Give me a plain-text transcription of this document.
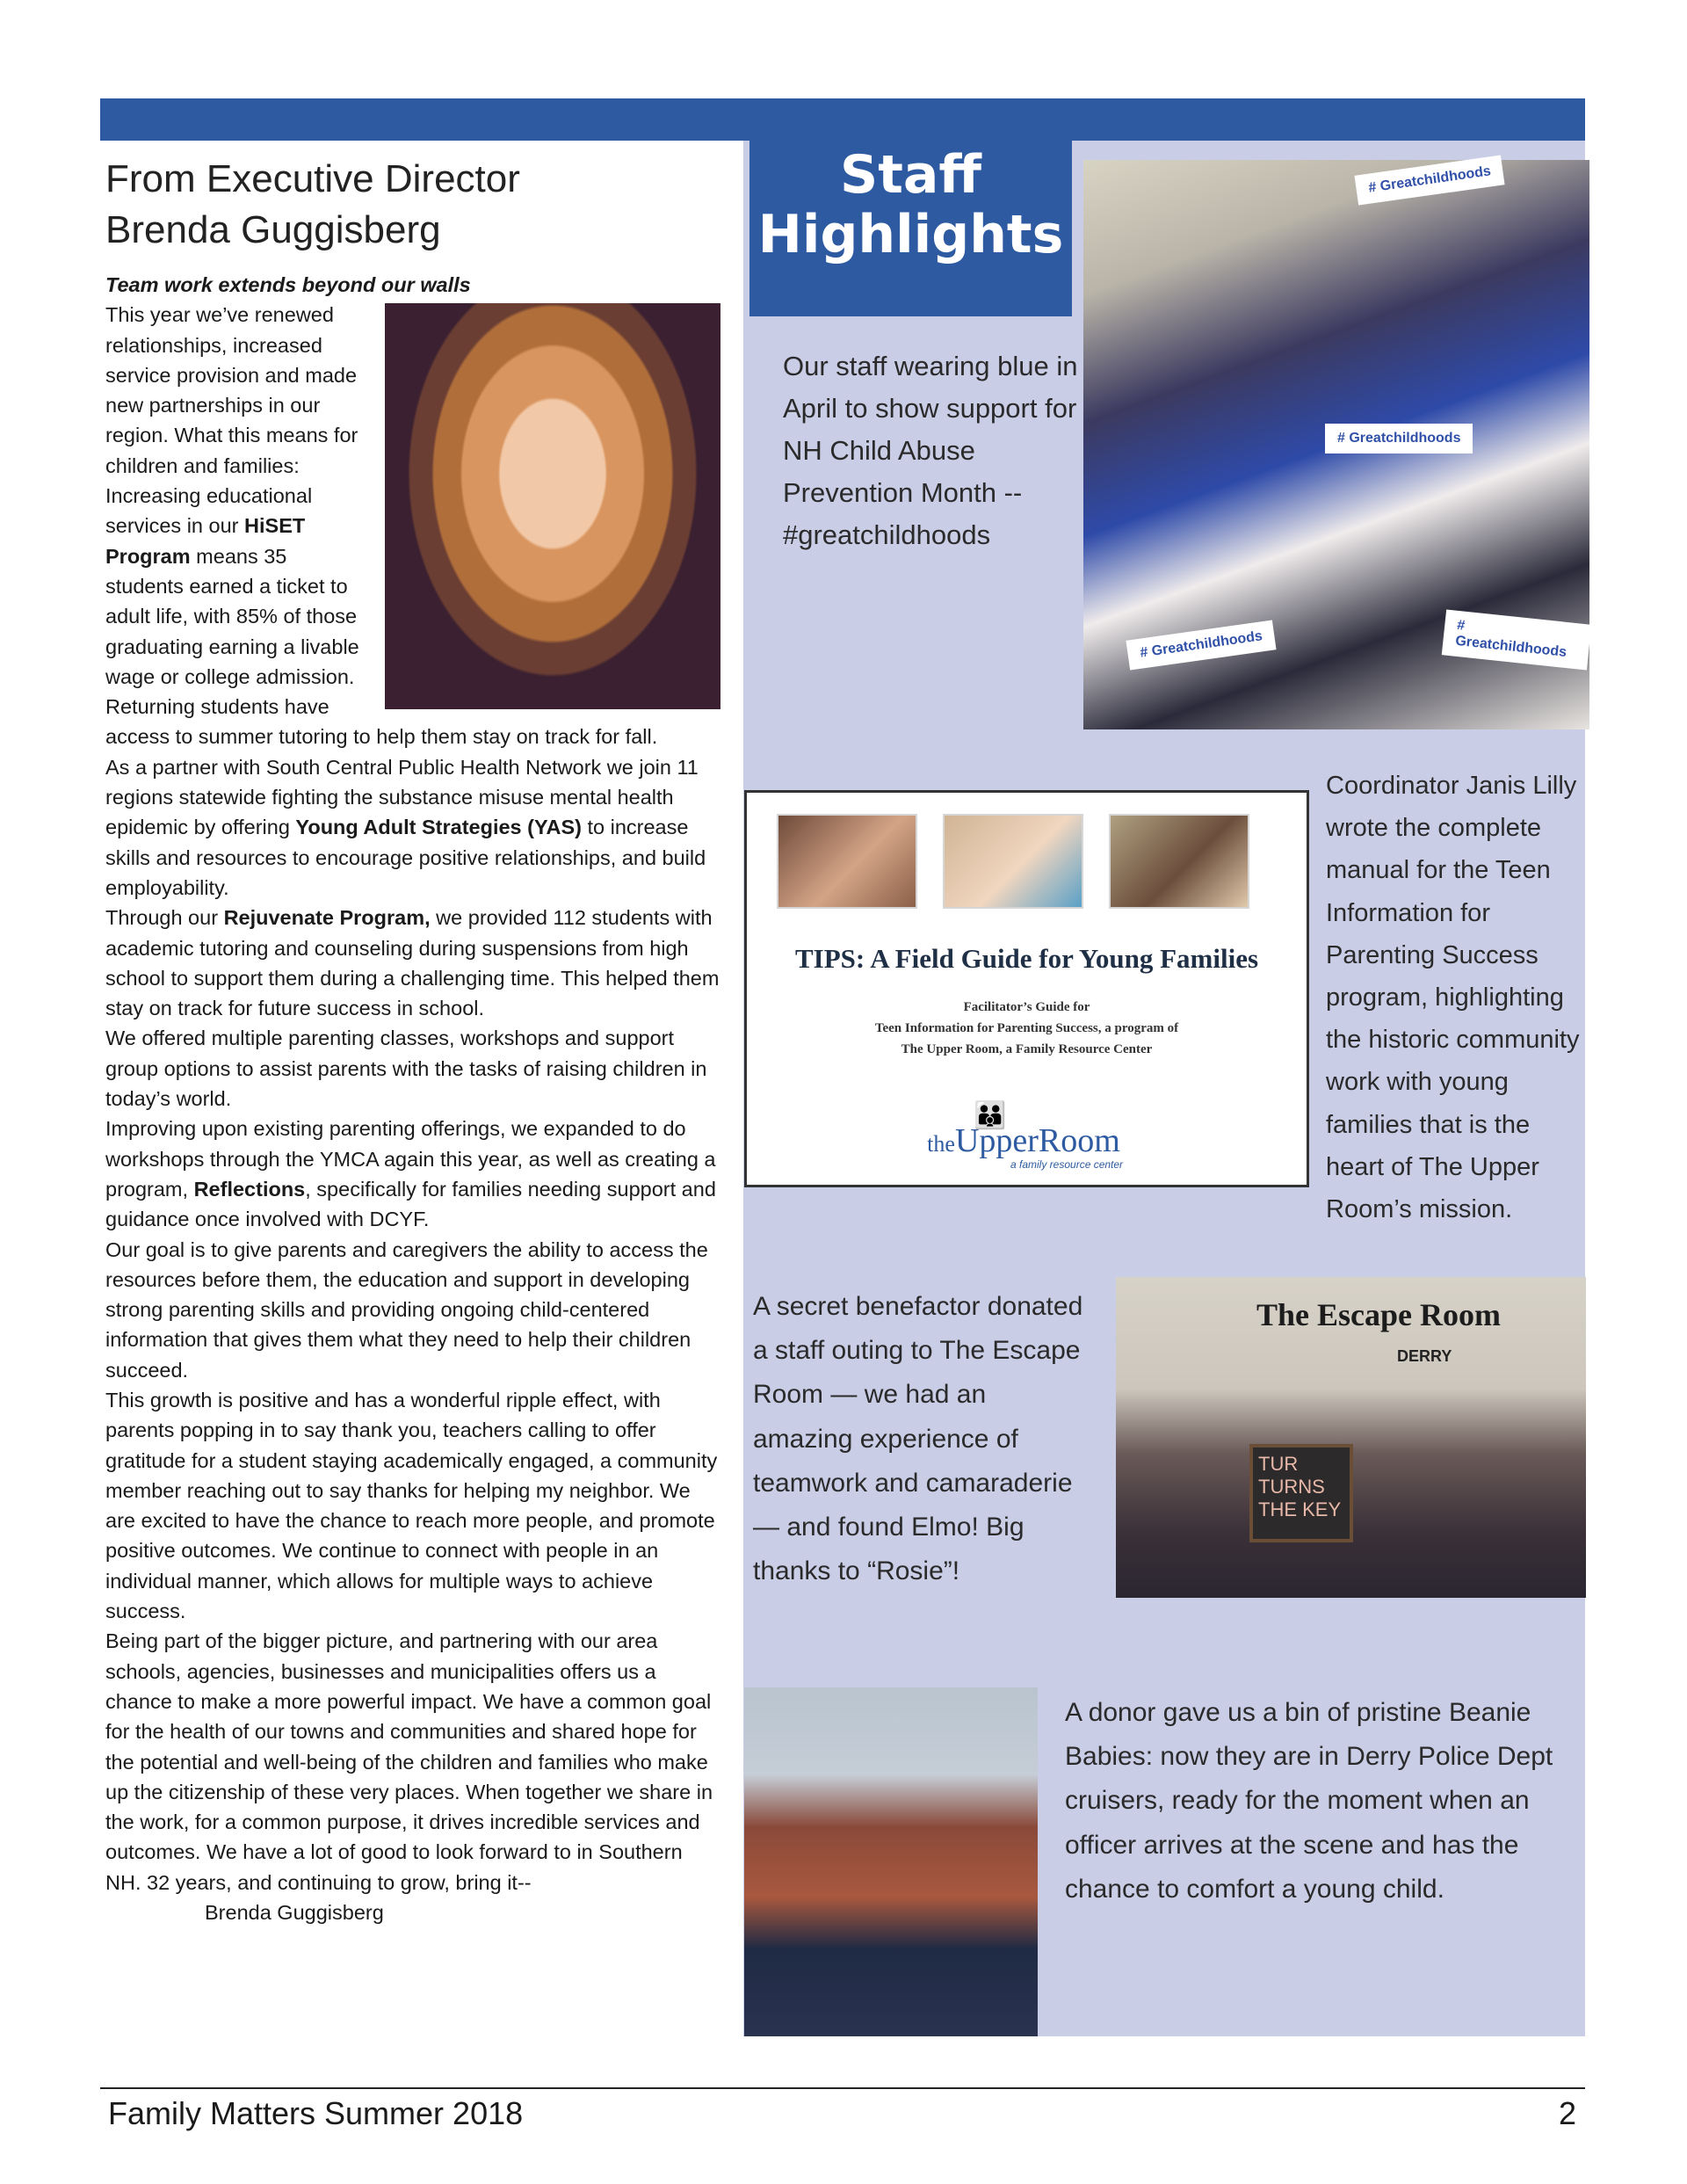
From Executive Director
Brenda Guggisberg

Team work extends beyond our walls

This year we’ve renewed relationships, increased service provision and made new partnerships in our region. What this means for children and families: Increasing educational services in our HiSET Program means 35 students earned a ticket to adult life, with 85% of those graduating earning a livable wage or college admission. Returning students have access to summer tutoring to help them stay on track for fall.

As a partner with South Central Public Health Network we join 11 regions statewide fighting the substance misuse mental health epidemic by offering Young Adult Strategies (YAS) to increase skills and resources to encourage positive relationships, and build employability.

Through our Rejuvenate Program, we provided 112 students with academic tutoring and counseling during suspensions from high school to support them during a challenging time. This helped them stay on track for future success in school.

We offered multiple parenting classes, workshops and support group options to assist parents with the tasks of raising children in today’s world.

Improving upon existing parenting offerings, we expanded to do workshops through the YMCA again this year, as well as creating a program, Reflections, specifically for families needing support and guidance once involved with DCYF.

Our goal is to give parents and caregivers the ability to access the resources before them, the education and support in developing strong parenting skills and providing ongoing child-centered information that gives them what they need to help their children succeed.

This growth is positive and has a wonderful ripple effect, with parents popping in to say thank you, teachers calling to offer gratitude for a student staying academically engaged, a community member reaching out to say thanks for helping my neighbor. We are excited to have the chance to reach more people, and promote positive outcomes. We continue to connect with people in an individual manner, which allows for multiple ways to achieve success.

Being part of the bigger picture, and partnering with our area schools, agencies, businesses and municipalities offers us a chance to make a more powerful impact. We have a common goal for the health of our towns and communities and shared hope for the potential and well-being of the children and families who make up the citizenship of these very places. When together we share in the work, for a common purpose, it drives incredible services and outcomes. We have a lot of good to look forward to in Southern NH. 32 years, and continuing to grow, bring it--

Brenda Guggisberg

Staff
Highlights
Our staff wearing blue in April to show support for NH Child Abuse Prevention Month -- #greatchildhoods
# Greatchildhoods
# Greatchildhoods
# Greatchildhoods
# Greatchildhoods
TIPS: A Field Guide for Young Families
Facilitator’s Guide for
Teen Information for Parenting Success, a program of
The Upper Room, a Family Resource Center
👪
theUpperRoom
a family resource center
Coordinator Janis Lilly wrote the complete manual for the Teen Information for Parenting Success program, highlighting the historic community work with young families that is the heart of The Upper Room’s mission.
A secret benefactor donated a staff outing to The Escape Room — we had an amazing experience of teamwork and camaraderie — and found Elmo! Big thanks to “Rosie”!
The Escape Room
DERRY
TUR TURNS THE KEY
A donor gave us a bin of pristine Beanie Babies: now they are in Derry Police Dept cruisers, ready for the moment when an officer arrives at the scene and has the chance to comfort a young child.
Family Matters Summer 2018	2
